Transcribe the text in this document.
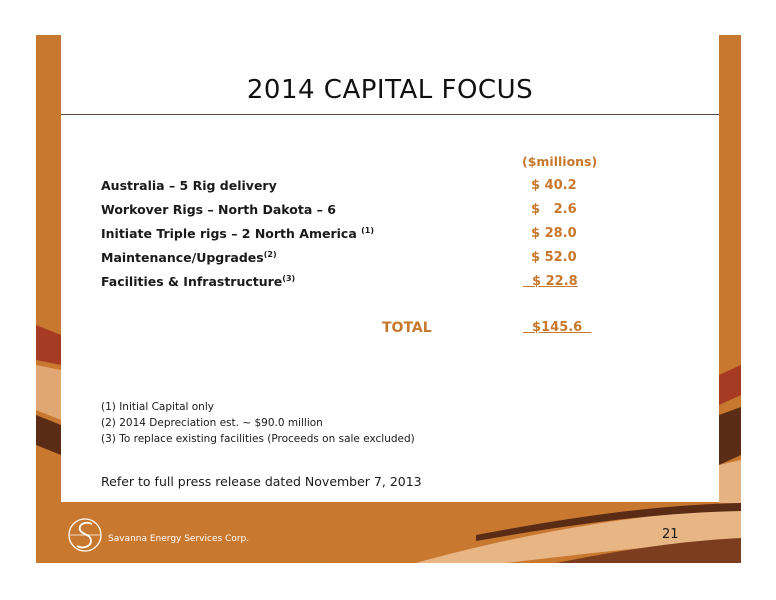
2014 CAPITAL FOCUS
($millions)
Australia – 5 Rig delivery	$ 40.2
Workover Rigs – North Dakota – 6	$   2.6
Initiate Triple rigs – 2 North America $^{(1)}$	$ 28.0
Maintenance/Upgrades$^{(2)}$	$ 52.0
Facilities & Infrastructure$^{(3)}$	$ 22.8
TOTAL	$145.6
(1) Initial Capital only
(2) 2014 Depreciation est. ~ $90.0 million
(3) To replace existing facilities (Proceeds on sale excluded)
Refer to full press release dated November 7, 2013
21
Savanna Energy Services Corp.
